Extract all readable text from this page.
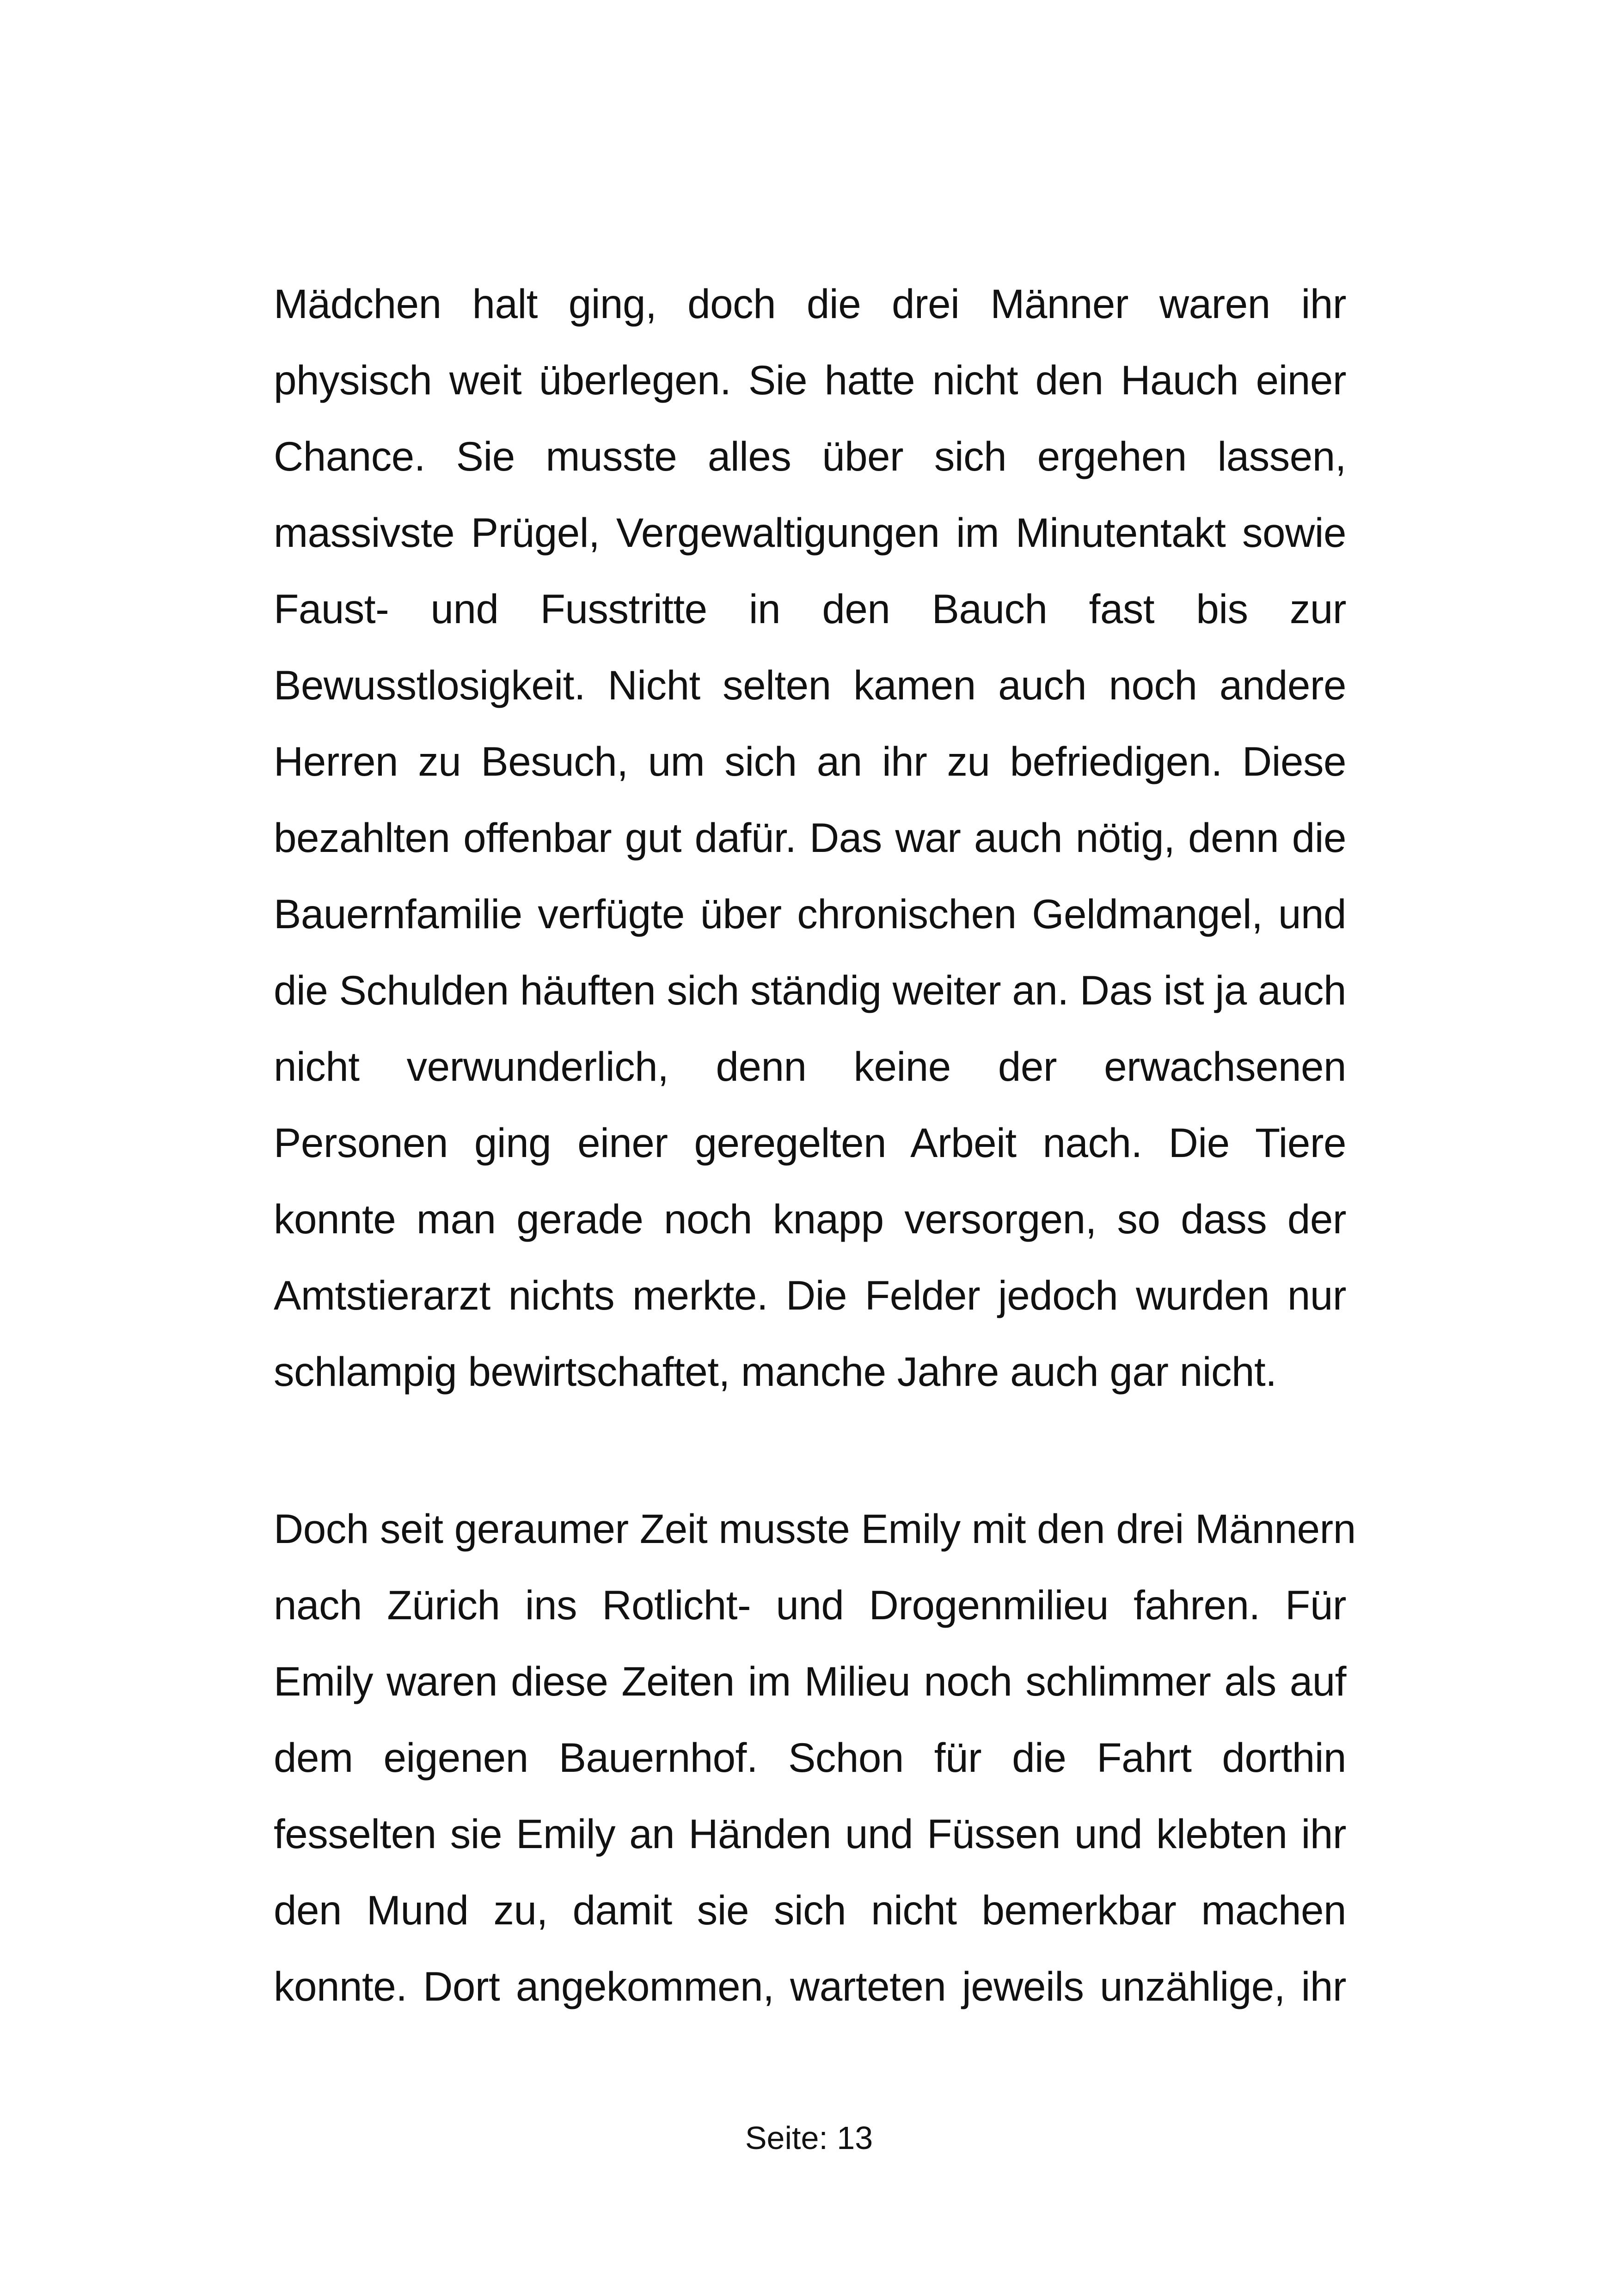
Mädchen halt ging, doch die drei Männer waren ihr
physisch weit überlegen. Sie hatte nicht den Hauch einer
Chance. Sie musste alles über sich ergehen lassen,
massivste Prügel, Vergewaltigungen im Minutentakt sowie
Faust- und Fusstritte in den Bauch fast bis zur
Bewusstlosigkeit. Nicht selten kamen auch noch andere
Herren zu Besuch, um sich an ihr zu befriedigen. Diese
bezahlten offenbar gut dafür. Das war auch nötig, denn die
Bauernfamilie verfügte über chronischen Geldmangel, und
die Schulden häuften sich ständig weiter an. Das ist ja auch
nicht verwunderlich, denn keine der erwachsenen
Personen ging einer geregelten Arbeit nach. Die Tiere
konnte man gerade noch knapp versorgen, so dass der
Amtstierarzt nichts merkte. Die Felder jedoch wurden nur
schlampig bewirtschaftet, manche Jahre auch gar nicht.
Doch seit geraumer Zeit musste Emily mit den drei Männern
nach Zürich ins Rotlicht- und Drogenmilieu fahren. Für
Emily waren diese Zeiten im Milieu noch schlimmer als auf
dem eigenen Bauernhof. Schon für die Fahrt dorthin
fesselten sie Emily an Händen und Füssen und klebten ihr
den Mund zu, damit sie sich nicht bemerkbar machen
konnte. Dort angekommen, warteten jeweils unzählige, ihr
Seite: 13
